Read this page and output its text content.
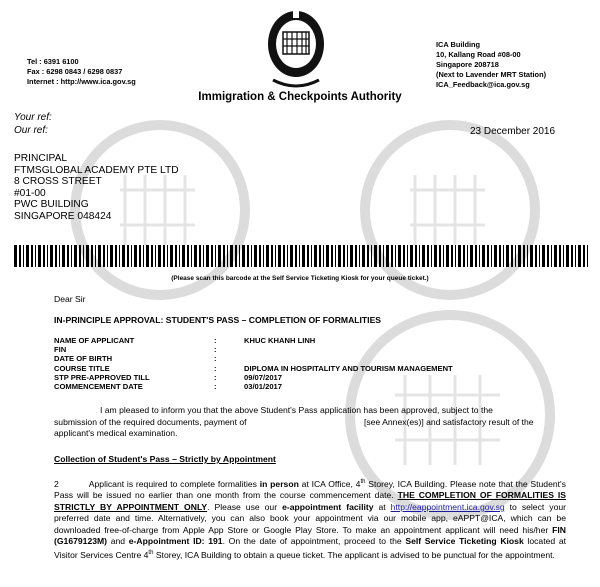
Tel : 6391 6100
Fax : 6298 0843 / 6298 0837
Internet : http://www.ica.gov.sg
ICA Building
10, Kallang Road #08-00
Singapore 208718
(Next to Lavender MRT Station)
ICA_Feedback@ica.gov.sg
Immigration & Checkpoints Authority
Your ref:
Our ref:	23 December 2016
PRINCIPAL
FTMSGLOBAL ACADEMY PTE LTD
8 CROSS STREET
#01-00
PWC BUILDING
SINGAPORE 048424
(Please scan this barcode at the Self Service Ticketing Kiosk for your queue ticket.)
Dear Sir
IN-PRINCIPLE APPROVAL: STUDENT'S PASS – COMPLETION OF FORMALITIES
NAME OF APPLICANT	:	KHUC KHANH LINH
FIN	:	
DATE OF BIRTH	:	
COURSE TITLE	:	DIPLOMA IN HOSPITALITY AND TOURISM MANAGEMENT
STP PRE-APPROVED TILL	:	09/07/2017
COMMENCEMENT DATE	:	03/01/2017
I am pleased to inform you that the above Student's Pass application has been approved, subject to the
submission of the required documents, payment of	[see Annex(es)] and satisfactory result of the
applicant's medical examination.
Collection of Student's Pass – Strictly by Appointment
2	Applicant is required to complete formalities in person at ICA Office, 4th Storey, ICA Building. Please note that the Student's Pass will be issued no earlier than one month from the course commencement date. THE COMPLETION OF FORMALITIES IS STRICTLY BY APPOINTMENT ONLY. Please use our e-appointment facility at http://eappointment.ica.gov.sg to select your preferred date and time. Alternatively, you can also book your appointment via our mobile app, eAPPT@ICA, which can be downloaded free-of-charge from Apple App Store or Google Play Store. To make an appointment applicant will need his/her FIN (G1679123M) and e-Appointment ID: 191. On the date of appointment, proceed to the Self Service Ticketing Kiosk located at Visitor Services Centre 4th Storey, ICA Building to obtain a queue ticket. The applicant is advised to be punctual for the appointment.
